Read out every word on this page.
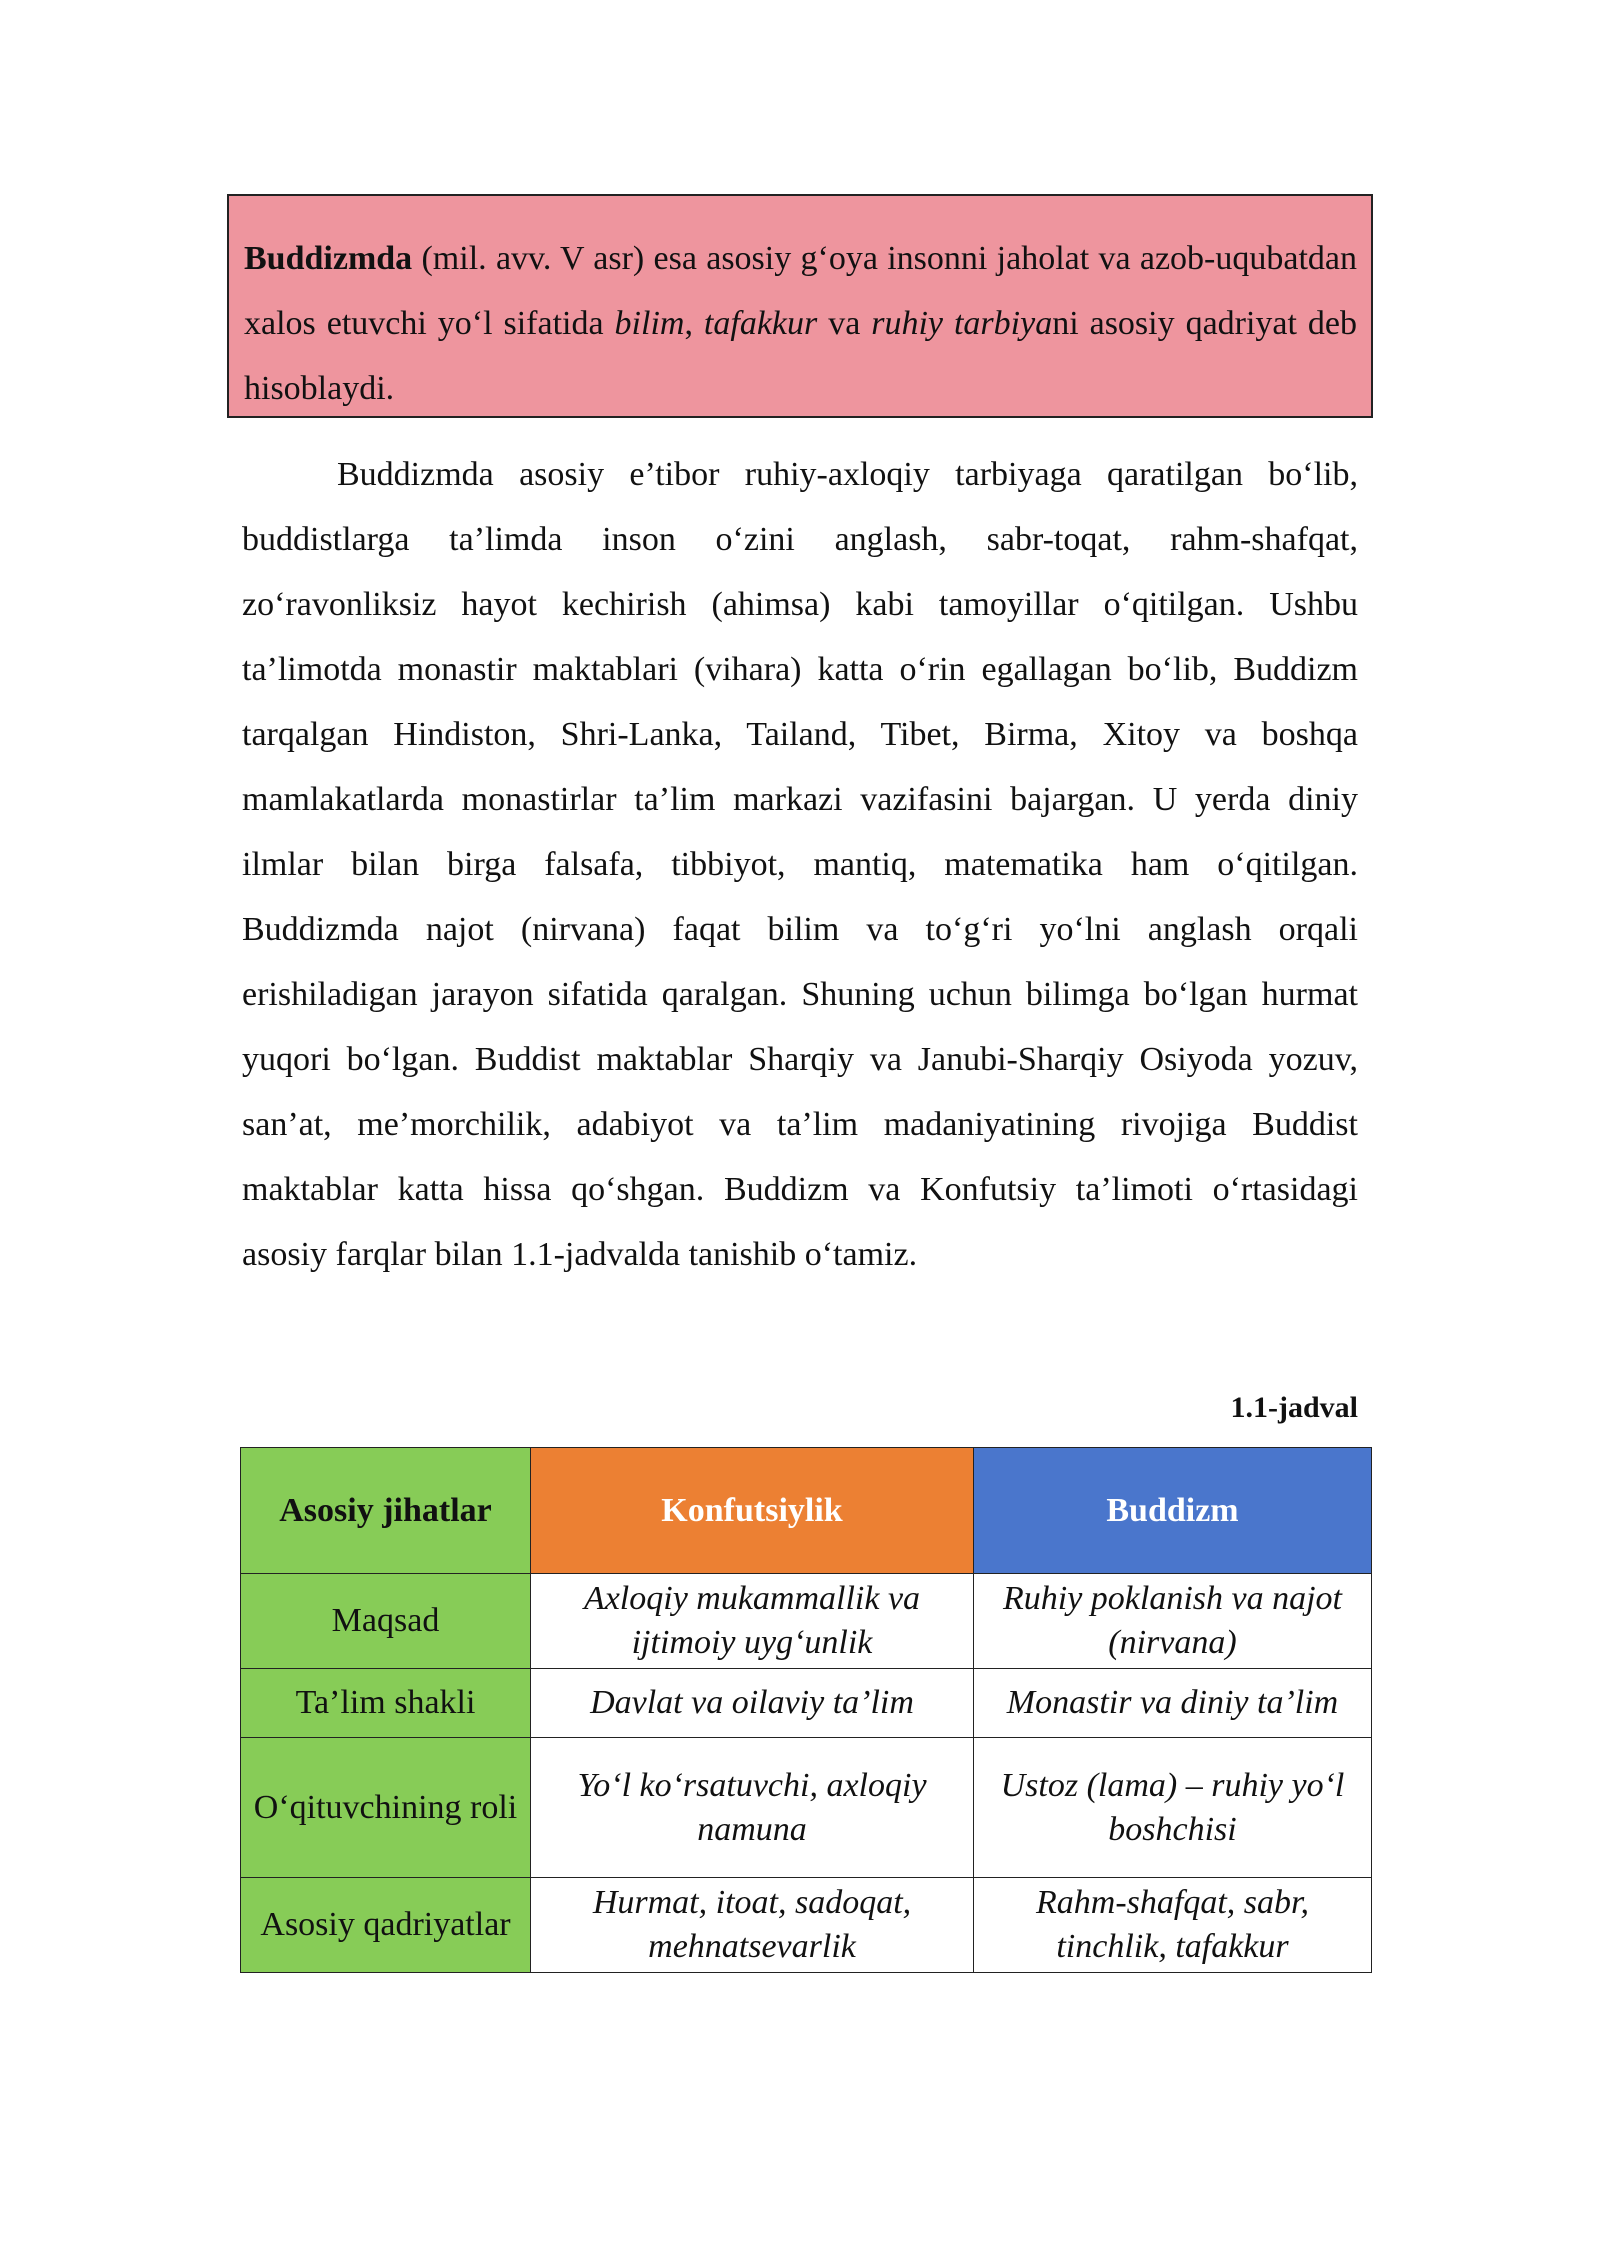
Buddizmda (mil. avv. V asr) esa asosiy g‘oya insonni jaholat va azob-uqubatdan xalos etuvchi yo‘l sifatida bilim, tafakkur va ruhiy tarbiyani asosiy qadriyat deb hisoblaydi.

Buddizmda asosiy e’tibor ruhiy-axloqiy tarbiyaga qaratilgan bo‘lib, buddistlarga ta’limda inson o‘zini anglash, sabr-toqat, rahm-shafqat, zo‘ravonliksiz hayot kechirish (ahimsa) kabi tamoyillar o‘qitilgan. Ushbu ta’limotda monastir maktablari (vihara) katta o‘rin egallagan bo‘lib, Buddizm tarqalgan Hindiston, Shri-Lanka, Tailand, Tibet, Birma, Xitoy va boshqa mamlakatlarda monastirlar ta’lim markazi vazifasini bajargan. U yerda diniy ilmlar bilan birga falsafa, tibbiyot, mantiq, matematika ham o‘qitilgan. Buddizmda najot (nirvana) faqat bilim va to‘g‘ri yo‘lni anglash orqali erishiladigan jarayon sifatida qaralgan. Shuning uchun bilimga bo‘lgan hurmat yuqori bo‘lgan. Buddist maktablar Sharqiy va Janubi-Sharqiy Osiyoda yozuv, san’at, me’morchilik, adabiyot va ta’lim madaniyatining rivojiga Buddist maktablar katta hissa qo‘shgan. Buddizm va Konfutsiy ta’limoti o‘rtasidagi asosiy farqlar bilan 1.1-jadvalda tanishib o‘tamiz.

1.1-jadval
Asosiy jihatlar	Konfutsiylik	Buddizm
Maqsad	Axloqiy mukammallik va ijtimoiy uyg‘unlik	Ruhiy poklanish va najot (nirvana)
Ta’lim shakli	Davlat va oilaviy ta’lim	Monastir va diniy ta’lim
O‘qituvchining roli	Yo‘l ko‘rsatuvchi, axloqiy namuna	Ustoz (lama) – ruhiy yo‘l boshchisi
Asosiy qadriyatlar	Hurmat, itoat, sadoqat, mehnatsevarlik	Rahm-shafqat, sabr, tinchlik, tafakkur
